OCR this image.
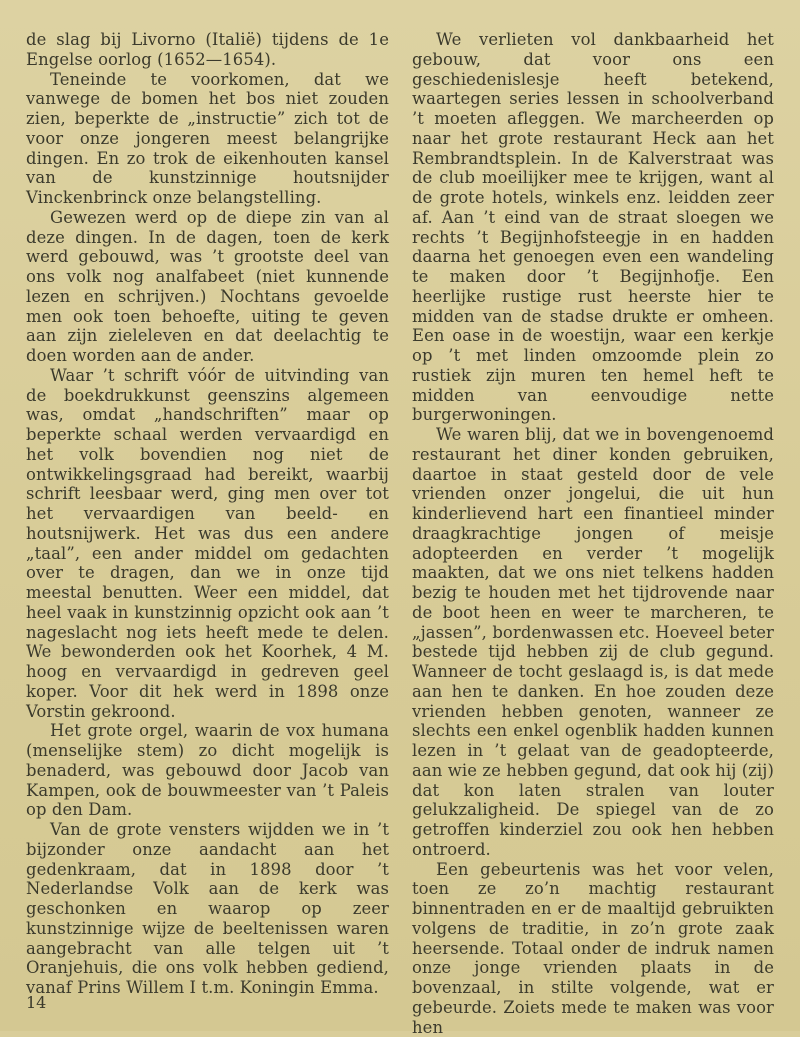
de slag bij Livorno (Italië) tijdens de 1e Engelse oorlog (1652—1654).

Teneinde te voorkomen, dat we vanwege de bomen het bos niet zouden zien, beperkte de „instructie” zich tot de voor onze jongeren meest belangrijke dingen. En zo trok de eikenhouten kansel van de kunstzinnige houtsnijder Vinckenbrinck onze belangstelling.

Gewezen werd op de diepe zin van al deze dingen. In de dagen, toen de kerk werd gebouwd, was ’t grootste deel van ons volk nog analfabeet (niet kunnende lezen en schrijven.) Nochtans gevoelde men ook toen behoefte, uiting te geven aan zijn zieleleven en dat deelachtig te doen worden aan de ander.

Waar ’t schrift vóór de uitvinding van de boekdrukkunst geenszins algemeen was, omdat „handschriften” maar op beperkte schaal werden vervaardigd en het volk bovendien nog niet de ontwikkelingsgraad had bereikt, waarbij schrift leesbaar werd, ging men over tot het vervaardigen van beeld- en houtsnijwerk. Het was dus een andere „taal”, een ander middel om gedachten over te dragen, dan we in onze tijd meestal benutten. Weer een middel, dat heel vaak in kunstzinnig opzicht ook aan ’t nageslacht nog iets heeft mede te delen. We bewonderden ook het Koorhek, 4 M. hoog en vervaardigd in gedreven geel koper. Voor dit hek werd in 1898 onze Vorstin gekroond.

Het grote orgel, waarin de vox humana (menselijke stem) zo dicht mogelijk is benaderd, was gebouwd door Jacob van Kampen, ook de bouwmeester van ’t Paleis op den Dam.

Van de grote vensters wijdden we in ’t bijzonder onze aandacht aan het gedenkraam, dat in 1898 door ’t Nederlandse Volk aan de kerk was geschonken en waarop op zeer kunstzinnige wijze de beeltenissen waren aangebracht van alle telgen uit ’t Oranjehuis, die ons volk hebben gediend, vanaf Prins Willem I t.m. Koningin Emma.

We verlieten vol dankbaarheid het gebouw, dat voor ons een geschiedenislesje heeft betekend, waartegen series lessen in schoolverband ’t moeten afleggen. We marcheerden op naar het grote restaurant Heck aan het Rembrandtsplein. In de Kalverstraat was de club moeilijker mee te krijgen, want al de grote hotels, winkels enz. leidden zeer af. Aan ’t eind van de straat sloegen we rechts ’t Begijnhofsteegje in en hadden daarna het genoegen even een wandeling te maken door ’t Begijnhofje. Een heerlijke rustige rust heerste hier te midden van de stadse drukte er omheen. Een oase in de woestijn, waar een kerkje op ’t met linden omzoomde plein zo rustiek zijn muren ten hemel heft te midden van eenvoudige nette burgerwoningen.

We waren blij, dat we in bovengenoemd restaurant het diner konden gebruiken, daartoe in staat gesteld door de vele vrienden onzer jongelui, die uit hun kinderlievend hart een finantieel minder draagkrachtige jongen of meisje adopteerden en verder ’t mogelijk maakten, dat we ons niet telkens hadden bezig te houden met het tijdrovende naar de boot heen en weer te marcheren, te „jassen”, bordenwassen etc. Hoeveel beter bestede tijd hebben zij de club gegund. Wanneer de tocht geslaagd is, is dat mede aan hen te danken. En hoe zouden deze vrienden hebben genoten, wanneer ze slechts een enkel ogenblik hadden kunnen lezen in ’t gelaat van de geadopteerde, aan wie ze hebben gegund, dat ook hij (zij) dat kon laten stralen van louter gelukzaligheid. De spiegel van de zo getroffen kinderziel zou ook hen hebben ontroerd.

Een gebeurtenis was het voor velen, toen ze zo’n machtig restaurant binnentraden en er de maaltijd gebruikten volgens de traditie, in zo’n grote zaak heersende. Totaal onder de indruk namen onze jonge vrienden plaats in de bovenzaal, in stilte volgende, wat er gebeurde. Zoiets mede te maken was voor hen

14
